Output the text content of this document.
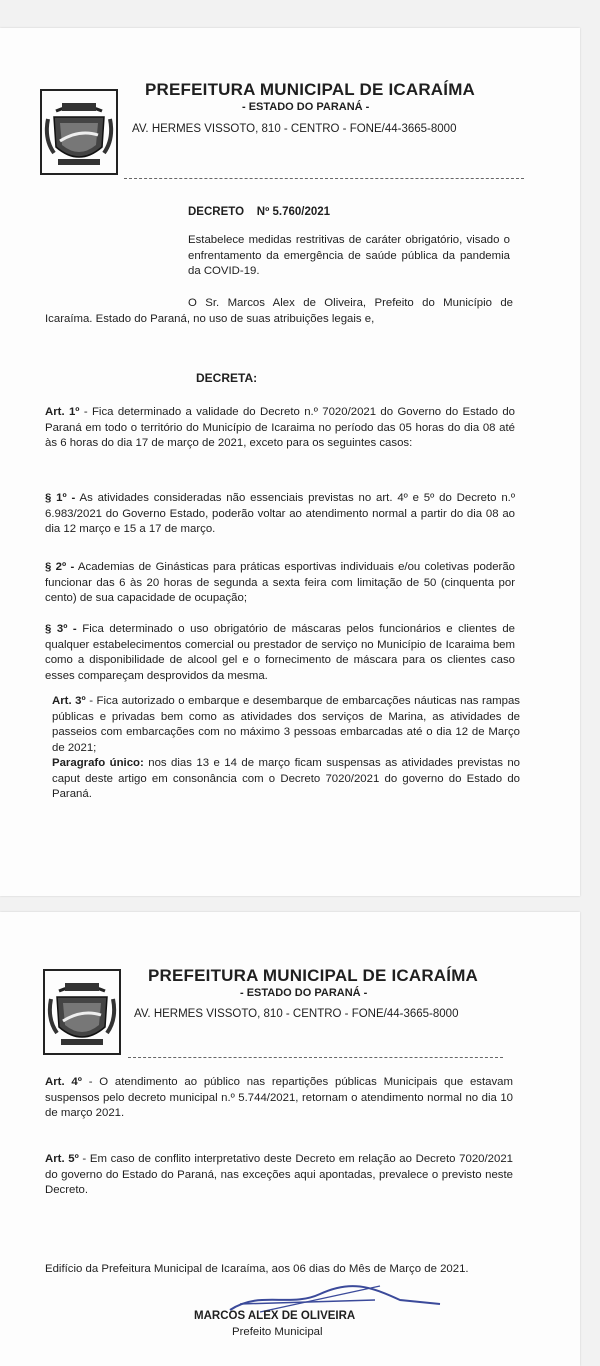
PREFEITURA MUNICIPAL DE ICARAÍMA
- ESTADO DO PARANÁ -
AV. HERMES VISSOTO, 810 - CENTRO - FONE/44-3665-8000
DECRETO    Nº 5.760/2021
Estabelece medidas restritivas de caráter obrigatório, visado o enfrentamento da emergência de saúde pública da pandemia da COVID-19.
O Sr. Marcos Alex de Oliveira, Prefeito do Município de Icaraíma. Estado do Paraná, no uso de suas atribuições legais e,
DECRETA:
Art. 1º - Fica determinado a validade do Decreto n.º 7020/2021 do Governo do Estado do Paraná em todo o território do Município de Icaraima no período das 05 horas do dia 08 até às 6 horas do dia 17 de março de 2021, exceto para os seguintes casos:
§ 1º - As atividades consideradas não essenciais previstas no art. 4º e 5º do Decreto n.º 6.983/2021 do Governo Estado, poderão voltar ao atendimento normal a partir do dia 08 ao dia 12 março e 15 a 17 de março.
§ 2º - Academias de Ginásticas para práticas esportivas individuais e/ou coletivas poderão funcionar das 6 às 20 horas de segunda a sexta feira com limitação de 50 (cinquenta por cento) de sua capacidade de ocupação;
§ 3º - Fica determinado o uso obrigatório de máscaras pelos funcionários e clientes de qualquer estabelecimentos comercial ou prestador de serviço no Município de Icaraima bem como a disponibilidade de alcool gel e o fornecimento de máscara para os clientes caso esses compareçam desprovidos da mesma.
Art. 3º - Fica autorizado o embarque e desembarque de embarcações náuticas nas rampas públicas e privadas bem como as atividades dos serviços de Marina, as atividades de passeios com embarcações com no máximo 3 pessoas embarcadas até o dia 12 de Março de 2021;
Paragrafo único: nos dias 13 e 14 de março ficam suspensas as atividades previstas no caput deste artigo em consonância com o Decreto 7020/2021 do governo do Estado do Paraná.
PREFEITURA MUNICIPAL DE ICARAÍMA
- ESTADO DO PARANÁ -
AV. HERMES VISSOTO, 810 - CENTRO - FONE/44-3665-8000
Art. 4º - O atendimento ao público nas repartições públicas Municipais que estavam suspensos pelo decreto municipal n.º 5.744/2021, retornam o atendimento normal no dia 10 de março 2021.
Art. 5º - Em caso de conflito interpretativo deste Decreto em relação ao Decreto 7020/2021 do governo do Estado do Paraná, nas exceções aqui apontadas, prevalece o previsto neste Decreto.
Edifício da Prefeitura Municipal de Icaraíma, aos 06 dias do Mês de Março de 2021.
MARCOS ALEX DE OLIVEIRA
Prefeito Municipal
